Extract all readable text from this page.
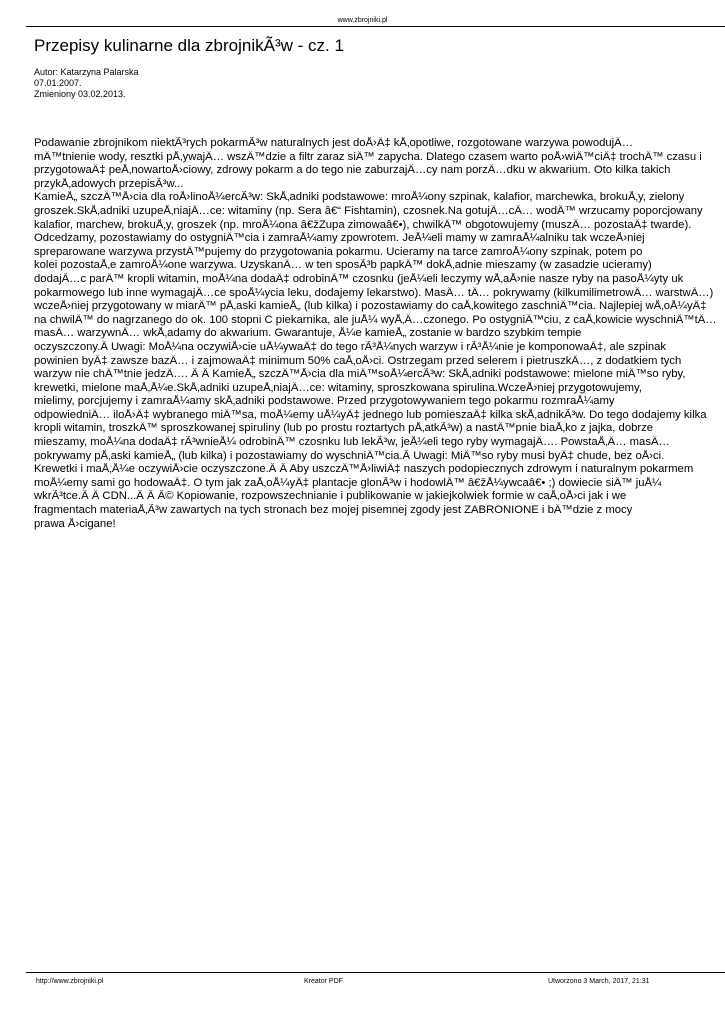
www.zbrojniki.pl
Przepisy kulinarne dla zbrojnikÃ³w - cz. 1
Autor: Katarzyna Palarska
07.01.2007.
Zmieniony 03.02.2013.
Podawanie zbrojnikom niektÃ³rych pokarmÃ³w naturalnych jest doÅ›Ä‡ kÅ‚opotliwe, rozgotowane warzywa powodujÄ…
mÄ™tnienie wody, resztki pÅ‚ywajÄ… wszÄ™dzie a filtr zaraz siÄ™ zapycha. Dlatego czasem warto poÅ›wiÄ™ciÄ‡ trochÄ™ czasu i
przygotowaÄ‡ peÅ‚nowartoÅ›ciowy, zdrowy pokarm a do tego nie zaburzajÄ…cy nam porzÄ…dku w akwarium. Oto kilka takich
przykÅ‚adowych przepisÃ³w...
KamieÅ„ szczÄ™Å›cia dla roÅ›linoÅ¼ercÃ³w: SkÅ‚adniki podstawowe: mroÅ¼ony szpinak, kalafior, marchewka, brokuÅ‚y, zielony
groszek.SkÅ‚adniki uzupeÅ‚niajÄ…ce: witaminy (np. Sera â€“ Fishtamin), czosnek.Na gotujÄ…cÄ… wodÄ™ wrzucamy poporcjowany
kalafior, marchew, brokuÅ‚y, groszek (np. mroÅ¼ona â€žZupa zimowaâ€•), chwilkÄ™ obgotowujemy (muszÄ… pozostaÄ‡ twarde).
Odcedzamy, pozostawiamy do ostygniÄ™cia i zamraÅ¼amy zpowrotem. JeÅ¼eli mamy w zamraÅ¼alniku tak wczeÅ›niej
spreparowane warzywa przystÄ™pujemy do przygotowania pokarmu. Ucieramy na tarce zamroÅ¼ony szpinak, potem po
kolei pozostaÅ‚e zamroÅ¼one warzywa. UzyskanÄ… w ten sposÃ³b papkÄ™ dokÅ‚adnie mieszamy (w zasadzie ucieramy)
dodajÄ…c parÄ™ kropli witamin, moÅ¼na dodaÄ‡ odrobinÄ™ czosnku (jeÅ¼eli leczymy wÅ‚aÅ›nie nasze ryby na pasoÅ¼yty uk
pokarmowego lub inne wymagajÄ…ce spoÅ¼ycia leku, dodajemy lekarstwo). MasÄ… tÄ… pokrywamy (kilkumilimetrowÄ… warstwÄ…)
wczeÅ›niej przygotowany w miarÄ™ pÅ‚aski kamieÅ„ (lub kilka) i pozostawiamy do caÅ‚kowitego zaschniÄ™cia. Najlepiej wÅ‚oÅ¼yÄ‡
na chwilÄ™ do nagrzanego do ok. 100 stopni C piekarnika, ale juÅ¼ wyÅ‚Ä…czonego. Po ostygniÄ™ciu, z caÅ‚kowicie wyschniÄ™tÄ…
masÄ… warzywnÄ… wkÅ‚adamy do akwarium. Gwarantuje, Å¼e kamieÅ„ zostanie w bardzo szybkim tempie
oczyszczony.Â Uwagi: MoÅ¼na oczywiÅ›cie uÅ¼ywaÄ‡ do tego rÃ³Å¼nych warzyw i rÃ³Å¼nie je komponowaÄ‡, ale szpinak
powinien byÄ‡ zawsze bazÄ… i zajmowaÄ‡ minimum 50% caÅ‚oÅ›ci. Ostrzegam przed selerem i pietruszkÄ…, z dodatkiem tych
warzyw nie chÄ™tnie jedzÄ…. Â Â KamieÅ„ szczÄ™Å›cia dla miÄ™soÅ¼ercÃ³w: SkÅ‚adniki podstawowe: mielone miÄ™so ryby,
krewetki, mielone maÅ‚Å¼e.SkÅ‚adniki uzupeÅ‚niajÄ…ce: witaminy, sproszkowana spirulina.WczeÅ›niej przygotowujemy,
mielimy, porcjujemy i zamraÅ¼amy skÅ‚adniki podstawowe. Przed przygotowywaniem tego pokarmu rozmraÅ¼amy
odpowiedniÄ… iloÅ›Ä‡ wybranego miÄ™sa, moÅ¼emy uÅ¼yÄ‡ jednego lub pomieszaÄ‡ kilka skÅ‚adnikÃ³w. Do tego dodajemy kilka
kropli witamin, troszkÄ™ sproszkowanej spiruliny (lub po prostu roztartych pÅ‚atkÃ³w) a nastÄ™pnie biaÅ‚ko z jajka, dobrze
mieszamy, moÅ¼na dodaÄ‡ rÃ³wnieÅ¼ odrobinÄ™ czosnku lub lekÃ³w, jeÅ¼eli tego ryby wymagajÄ…. PowstaÅ‚Ä… masÄ…
pokrywamy pÅ‚aski kamieÅ„ (lub kilka) i pozostawiamy do wyschniÄ™cia.Â Uwagi: MiÄ™so ryby musi byÄ‡ chude, bez oÅ›ci.
Krewetki i maÅ‚Å¼e oczywiÅ›cie oczyszczone.Â Â Aby uszczÄ™Å›liwiÄ‡ naszych podopiecznych zdrowym i naturalnym pokarmem
moÅ¼emy sami go hodowaÄ‡. O tym jak zaÅ‚oÅ¼yÄ‡ plantacje glonÃ³w i hodowlÄ™ â€žÅ¼ywcaâ€• ;) dowiecie siÄ™ juÅ¼
wkrÃ³tce.Â Â CDN...Â Â Â© Kopiowanie, rozpowszechnianie i publikowanie w jakiejkolwiek formie w caÅ‚oÅ›ci jak i we
fragmentach materiaÅ‚Ã³w zawartych na tych stronach bez mojej pisemnej zgody jest ZABRONIONE i bÄ™dzie z mocy
prawa Å›cigane!
http://www.zbrojniki.pl	Kreator PDF	Utworzono 3 March, 2017, 21:31
